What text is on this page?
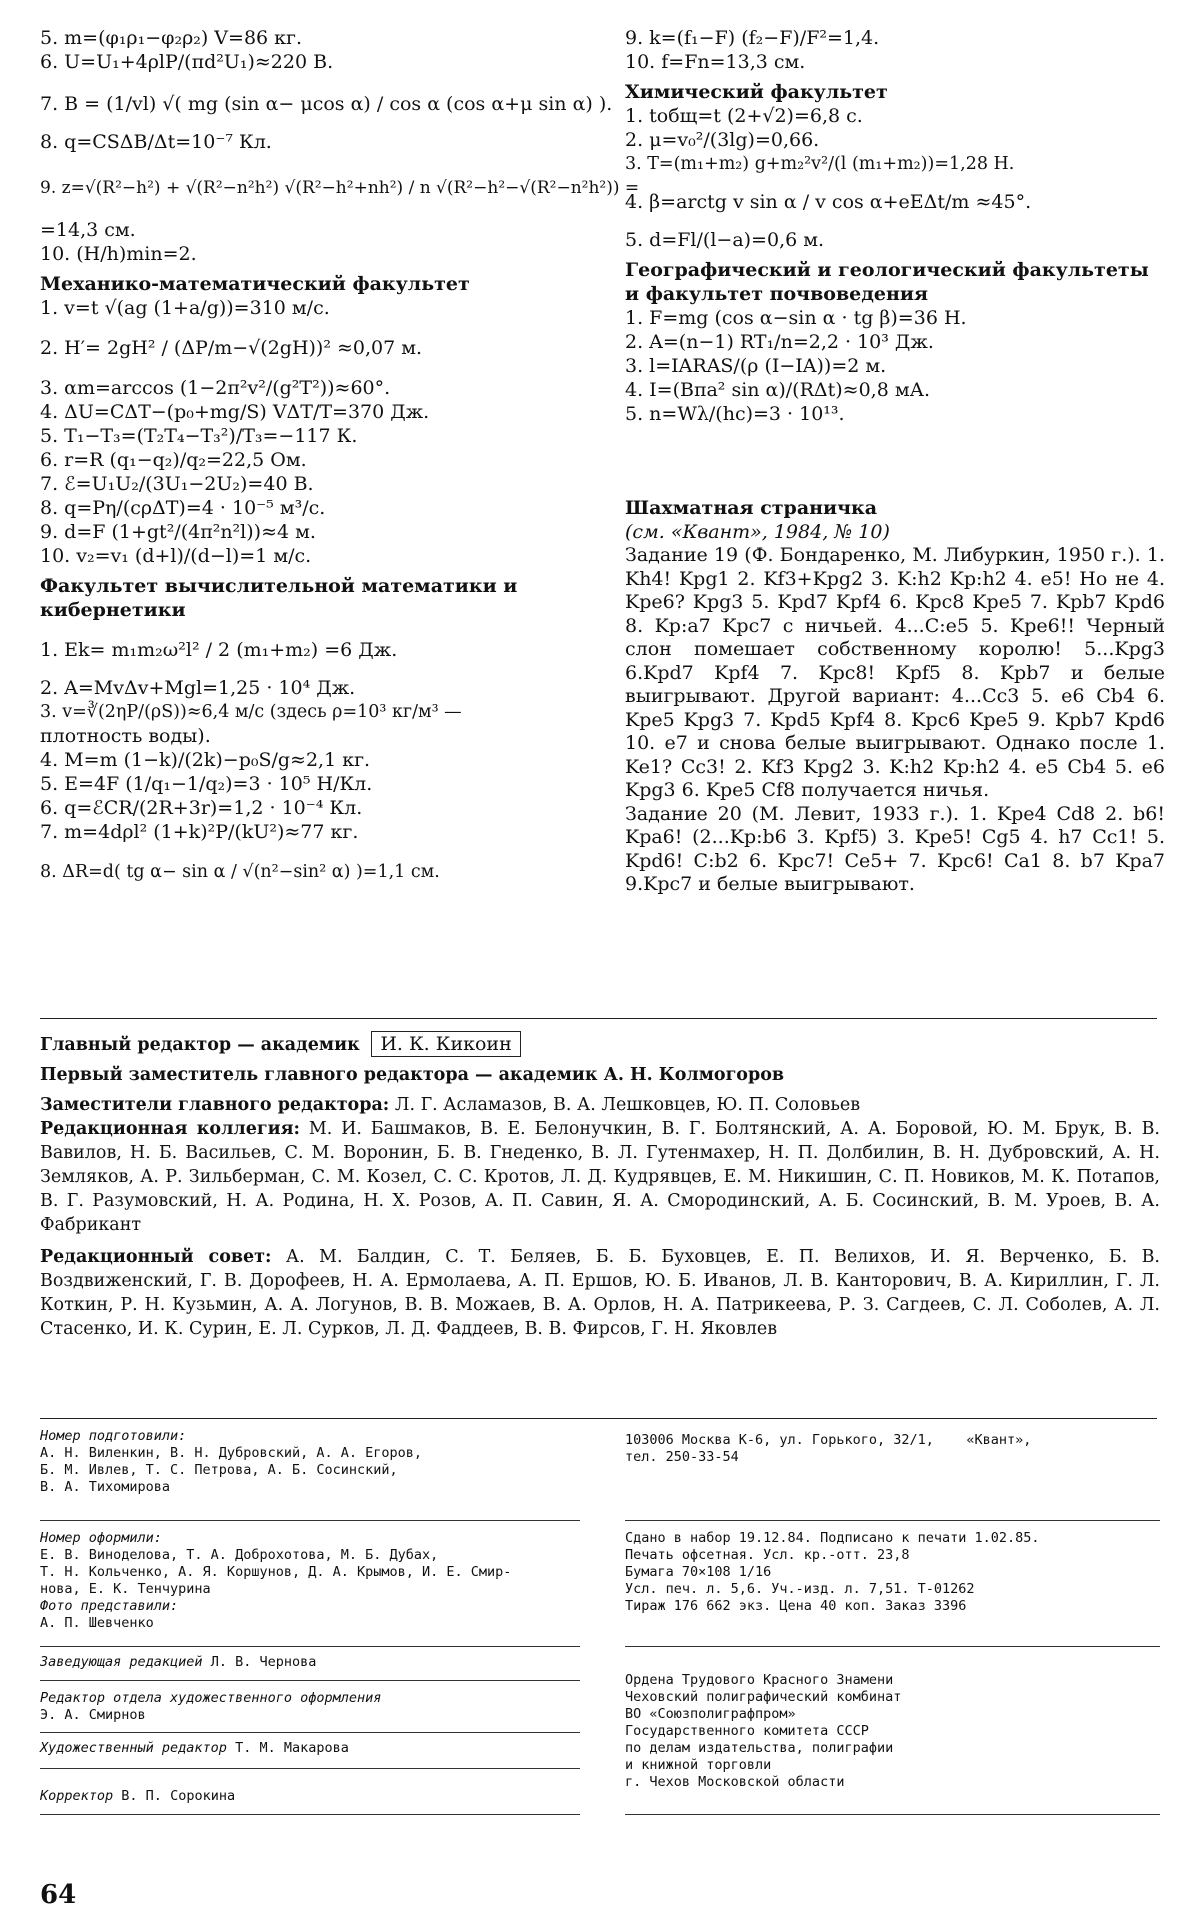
5. m=(φ₁ρ₁−φ₂ρ₂) V=86 кг.
6. U=U₁+4ρlP/(πd²U₁)≈220 В.
7. B = (1/vl) √( mg (sin α− μcos α) / cos α (cos α+μ sin α) ).
8. q=CSΔB/Δt=10⁻⁷ Кл.
9. z=√(R²−h²) + √(R²−n²h²) √(R²−h²+nh²) / n √(R²−h²−√(R²−n²h²)) =
=14,3 см.
10. (H/h)min=2.
Механико-математический факультет
1. v=t √(ag (1+a/g))=310 м/с.
2. H′= 2gH² / (ΔP/m−√(2gH))² ≈0,07 м.
3. αm=arccos (1−2π²v²/(g²T²))≈60°.
4. ΔU=CΔT−(p₀+mg/S) VΔT/T=370 Дж.
5. T₁−T₃=(T₂T₄−T₃²)/T₃=−117 К.
6. r=R (q₁−q₂)/q₂=22,5 Ом.
7. ℰ=U₁U₂/(3U₁−2U₂)=40 В.
8. q=Pη/(cρΔT)=4 · 10⁻⁵ м³/с.
9. d=F (1+gt²/(4π²n²l))≈4 м.
10. v₂=v₁ (d+l)/(d−l)=1 м/с.
Факультет вычислительной математики и кибернетики
1. Ek= m₁m₂ω²l² / 2 (m₁+m₂) =6 Дж.
2. A=MvΔv+Mgl=1,25 · 10⁴ Дж.
3. v=∛(2ηP/(ρS))≈6,4 м/с (здесь ρ=10³ кг/м³ —
плотность воды).
4. M=m (1−k)/(2k)−p₀S/g≈2,1 кг.
5. E=4F (1/q₁−1/q₂)=3 · 10⁵ Н/Кл.
6. q=ℰCR/(2R+3r)=1,2 · 10⁻⁴ Кл.
7. m=4dρl² (1+k)²P/(kU²)≈77 кг.
8. ΔR=d( tg α− sin α / √(n²−sin² α) )=1,1 см.
9. k=(f₁−F) (f₂−F)/F²=1,4.
10. f=Fn=13,3 см.
Химический факультет
1. tобщ=t (2+√2)=6,8 с.
2. μ=v₀²/(3lg)=0,66.
3. T=(m₁+m₂) g+m₂²v²/(l (m₁+m₂))=1,28 Н.
4. β=arctg v sin α / v cos α+eEΔt/m ≈45°.
5. d=Fl/(l−a)=0,6 м.
Географический и геологический факультеты и факультет почвоведения
1. F=mg (cos α−sin α · tg β)=36 Н.
2. A=(n−1) RT₁/n=2,2 · 10³ Дж.
3. l=IARAS/(ρ (I−IA))=2 м.
4. I=(Bπa² sin α)/(RΔt)≈0,8 мА.
5. n=Wλ/(hc)=3 · 10¹³.
Шахматная страничка
(см. «Квант», 1984, № 10)
Задание 19 (Ф. Бондаренко, М. Либуркин, 1950 г.). 1. Kh4! Kpg1 2. Kf3+Kpg2 3. K:h2 Kp:h2 4. e5! Но не 4. Kpe6? Kpg3 5. Kpd7 Kpf4 6. Kpc8 Kpe5 7. Kpb7 Kpd6 8. Kp:a7 Kpc7 с ничьей. 4...C:e5 5. Kpe6!! Черный слон помешает собственному королю! 5...Kpg3 6.Kpd7 Kpf4 7. Kpc8! Kpf5 8. Kpb7 и белые выигрывают. Другой вариант: 4...Cc3 5. e6 Cb4 6. Kpe5 Kpg3 7. Kpd5 Kpf4 8. Kpc6 Kpe5 9. Kpb7 Kpd6 10. e7 и снова белые выигрывают. Однако после 1. Ke1? Cc3! 2. Kf3 Kpg2 3. K:h2 Kp:h2 4. e5 Cb4 5. e6 Kpg3 6. Kpe5 Cf8 получается ничья.
Задание 20 (М. Левит, 1933 г.). 1. Kpe4 Cd8 2. b6! Kpa6! (2...Kp:b6 3. Kpf5) 3. Kpe5! Cg5 4. h7 Cc1! 5. Kpd6! C:b2 6. Kpc7! Ce5+ 7. Kpc6! Ca1 8. b7 Kpa7 9.Kpc7 и белые выигрывают.
Главный редактор — академик И. К. Кикоин
Первый заместитель главного редактора — академик А. Н. Колмогоров
Заместители главного редактора: Л. Г. Асламазов, В. А. Лешковцев, Ю. П. Соловьев
Редакционная коллегия: М. И. Башмаков, В. Е. Белонучкин, В. Г. Болтянский, А. А. Боровой, Ю. М. Брук, В. В. Вавилов, Н. Б. Васильев, С. М. Воронин, Б. В. Гнеденко, В. Л. Гутенмахер, Н. П. Долбилин, В. Н. Дубровский, А. Н. Земляков, А. Р. Зильберман, С. М. Козел, С. С. Кротов, Л. Д. Кудрявцев, Е. М. Никишин, С. П. Новиков, М. К. Потапов, В. Г. Разумовский, Н. А. Родина, Н. Х. Розов, А. П. Савин, Я. А. Смородинский, А. Б. Сосинский, В. М. Уроев, В. А. Фабрикант
Редакционный совет: А. М. Балдин, С. Т. Беляев, Б. Б. Буховцев, Е. П. Велихов, И. Я. Верченко, Б. В. Воздвиженский, Г. В. Дорофеев, Н. А. Ермолаева, А. П. Ершов, Ю. Б. Иванов, Л. В. Канторович, В. А. Кириллин, Г. Л. Коткин, Р. Н. Кузьмин, А. А. Логунов, В. В. Можаев, В. А. Орлов, Н. А. Патрикеева, Р. З. Сагдеев, С. Л. Соболев, А. Л. Стасенко, И. К. Сурин, Е. Л. Сурков, Л. Д. Фаддеев, В. В. Фирсов, Г. Н. Яковлев
Номер подготовили:
А. Н. Виленкин, В. Н. Дубровский, А. А. Егоров,
Б. М. Ивлев, Т. С. Петрова, А. Б. Сосинский,
В. А. Тихомирова
Номер оформили:
Е. В. Виноделова, Т. А. Доброхотова, М. Б. Дубах,
Т. Н. Кольченко, А. Я. Коршунов, Д. А. Крымов, И. Е. Смир-
нова, Е. К. Тенчурина
Фото представили:
А. П. Шевченко
Заведующая редакцией Л. В. Чернова
Редактор отдела художественного оформления
Э. А. Смирнов
Художественный редактор Т. М. Макарова
Корректор В. П. Сорокина
103006 Москва К-6, ул. Горького, 32/1,    «Квант»,
тел. 250-33-54
Сдано в набор 19.12.84. Подписано к печати 1.02.85.
Печать офсетная. Усл. кр.-отт. 23,8
Бумага 70×108 1/16
Усл. печ. л. 5,6. Уч.-изд. л. 7,51. Т-01262
Тираж 176 662 экз. Цена 40 коп. Заказ 3396
Ордена Трудового Красного Знамени
Чеховский полиграфический комбинат
ВО «Союзполиграфпром»
Государственного комитета СССР
по делам издательства, полиграфии
и книжной торговли
г. Чехов Московской области
64
